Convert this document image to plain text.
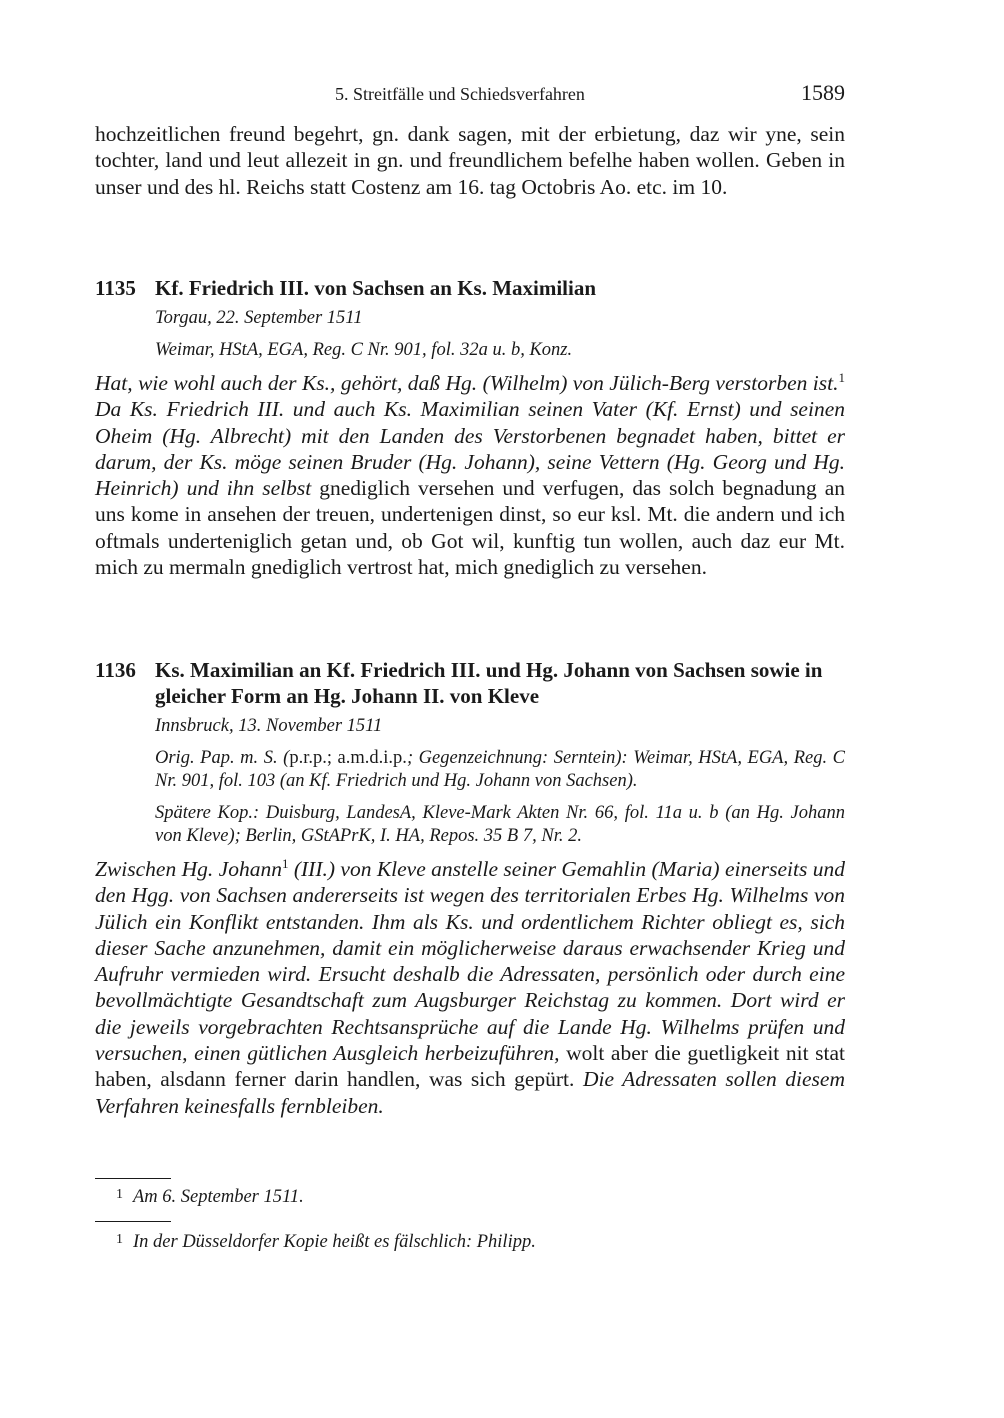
5. Streitfälle und Schiedsverfahren	1589

hochzeitlichen freund begehrt, gn. dank sagen, mit der erbietung, daz wir yne, sein tochter, land und leut allezeit in gn. und freundlichem befelhe haben wollen. Geben in unser und des hl. Reichs statt Costenz am 16. tag Octobris Ao. etc. im 10.

1135 Kf. Friedrich III. von Sachsen an Ks. Maximilian
Torgau, 22. September 1511
Weimar, HStA, EGA, Reg. C Nr. 901, fol. 32a u. b, Konz.

Hat, wie wohl auch der Ks., gehört, daß Hg. (Wilhelm) von Jülich-Berg verstorben ist.$^1$ Da Ks. Friedrich III. und auch Ks. Maximilian seinen Vater (Kf. Ernst) und seinen Oheim (Hg. Albrecht) mit den Landen des Verstorbenen begnadet haben, bittet er darum, der Ks. möge seinen Bruder (Hg. Johann), seine Vettern (Hg. Georg und Hg. Heinrich) und ihn selbst gnediglich versehen und verfugen, das solch begnadung an uns kome in ansehen der treuen, undertenigen dinst, so eur ksl. Mt. die andern und ich oftmals underteniglich getan und, ob Got wil, kunftig tun wollen, auch daz eur Mt. mich zu mermaln gnediglich vertrost hat, mich gnediglich zu versehen.

1136 Ks. Maximilian an Kf. Friedrich III. und Hg. Johann von Sachsen sowie in gleicher Form an Hg. Johann II. von Kleve
Innsbruck, 13. November 1511
Orig. Pap. m. S. (p.r.p.; a.m.d.i.p.; Gegenzeichnung: Serntein): Weimar, HStA, EGA, Reg. C Nr. 901, fol. 103 (an Kf. Friedrich und Hg. Johann von Sachsen).
Spätere Kop.: Duisburg, LandesA, Kleve-Mark Akten Nr. 66, fol. 11a u. b (an Hg. Johann von Kleve); Berlin, GStAPrK, I. HA, Repos. 35 B 7, Nr. 2.

Zwischen Hg. Johann$^1$ (III.) von Kleve anstelle seiner Gemahlin (Maria) einerseits und den Hgg. von Sachsen andererseits ist wegen des territorialen Erbes Hg. Wilhelms von Jülich ein Konflikt entstanden. Ihm als Ks. und ordentlichem Richter obliegt es, sich dieser Sache anzunehmen, damit ein möglicherweise daraus erwachsender Krieg und Aufruhr vermieden wird. Ersucht deshalb die Adressaten, persönlich oder durch eine bevollmächtigte Gesandtschaft zum Augsburger Reichstag zu kommen. Dort wird er die jeweils vorgebrachten Rechtsansprüche auf die Lande Hg. Wilhelms prüfen und versuchen, einen gütlichen Ausgleich herbeizuführen, wolt aber die guetligkeit nit stat haben, alsdann ferner darin handlen, was sich gepürt. Die Adressaten sollen diesem Verfahren keinesfalls fernbleiben.

1 Am 6. September 1511.
1 In der Düsseldorfer Kopie heißt es fälschlich: Philipp.
